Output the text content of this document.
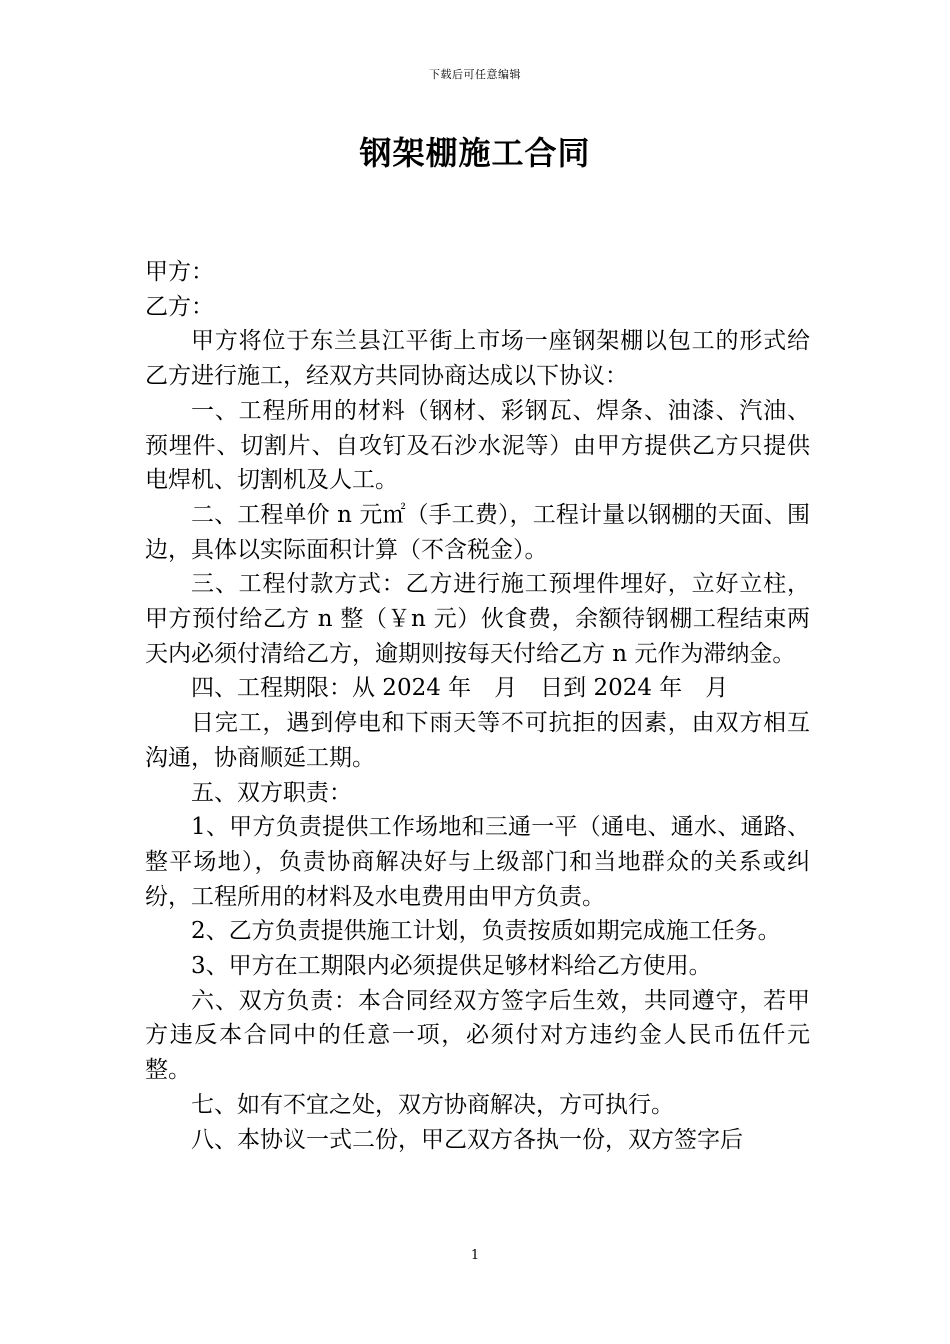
下载后可任意编辑
钢架棚施工合同

甲方：

乙方：

甲方将位于东兰县江平街上市场一座钢架棚以包工的形式给乙方进行施工，经双方共同协商达成以下协议：

一、工程所用的材料（钢材、彩钢瓦、焊条、油漆、汽油、预埋件、切割片、自攻钉及石沙水泥等）由甲方提供乙方只提供电焊机、切割机及人工。

二、工程单价 n 元㎡（手工费），工程计量以钢棚的天面、围边，具体以实际面积计算（不含税金）。

三、工程付款方式：乙方进行施工预埋件埋好，立好立柱，甲方预付给乙方 n 整（￥n 元）伙食费，余额待钢棚工程结束两天内必须付清给乙方，逾期则按每天付给乙方 n 元作为滞纳金。

四、工程期限：从 2024 年　月　日到 2024 年　月

日完工，遇到停电和下雨天等不可抗拒的因素，由双方相互沟通，协商顺延工期。

五、双方职责：

1、甲方负责提供工作场地和三通一平（通电、通水、通路、整平场地），负责协商解决好与上级部门和当地群众的关系或纠纷，工程所用的材料及水电费用由甲方负责。

2、乙方负责提供施工计划，负责按质如期完成施工任务。

3、甲方在工期限内必须提供足够材料给乙方使用。

六、双方负责：本合同经双方签字后生效，共同遵守，若甲方违反本合同中的任意一项，必须付对方违约金人民币伍仟元整。

七、如有不宜之处，双方协商解决，方可执行。

八、本协议一式二份，甲乙双方各执一份，双方签字后

1
